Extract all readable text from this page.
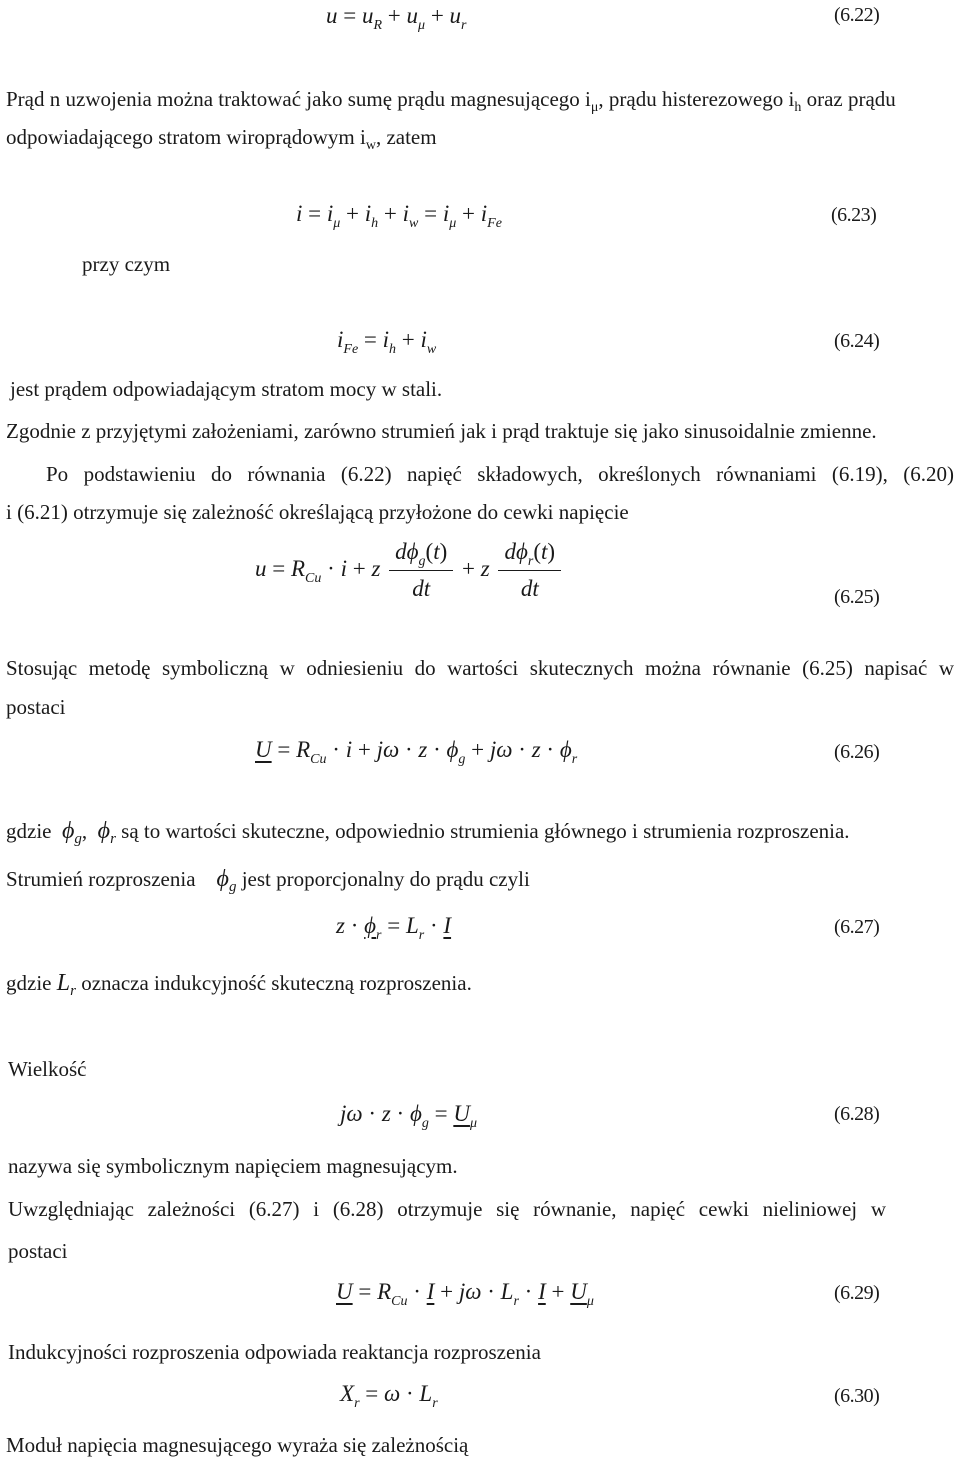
$u = u_R + u_\mu + u_r$	(6.22)
Prąd n uzwojenia można traktować jako sumę prądu magnesującego $i_\mu$, prądu histerezowego $i_h$ oraz prądu
odpowiadającego stratom wiroprądowym $i_w$, zatem
$i = i_\mu + i_h + i_w = i_\mu + i_{Fe}$	(6.23)
przy czym
$i_{Fe} = i_h + i_w$	(6.24)
jest prądem odpowiadającym stratom mocy w stali.
Zgodnie z przyjętymi założeniami, zarówno strumień jak i prąd traktuje się jako sinusoidalnie zmienne.
Po podstawieniu do równania (6.22) napięć składowych, określonych równaniami (6.19), (6.20)
i (6.21) otrzymuje się zależność określającą przyłożone do cewki napięcie
$u = R_{Cu} \cdot i + z \frac{d\phi_g(t)}{dt} + z \frac{d\phi_r(t)}{dt}$	(6.25)
Stosując metodę symboliczną w odniesieniu do wartości skutecznych można równanie (6.25) napisać w
postaci
$U = R_{Cu} \cdot i + j\omega \cdot z \cdot \phi_g + j\omega \cdot z \cdot \phi_r$	(6.26)
gdzie $\phi_g$,  $\phi_r$ są to wartości skuteczne, odpowiednio strumienia głównego i strumienia rozproszenia.
Strumień rozproszenia $\phi_g$ jest proporcjonalny do prądu czyli
$z \cdot \phi_r = L_r \cdot I$	(6.27)
gdzie $L_r$ oznacza indukcyjność skuteczną rozproszenia.
Wielkość
$j\omega \cdot z \cdot \phi_g = U_\mu$	(6.28)
nazywa się symbolicznym napięciem magnesującym.
Uwzględniając zależności (6.27) i (6.28) otrzymuje się równanie, napięć cewki nieliniowej w
postaci
$U = R_{Cu} \cdot I + j\omega \cdot L_r \cdot I + U_\mu$	(6.29)
Indukcyjności rozproszenia odpowiada reaktancja rozproszenia
$X_r = \omega \cdot L_r$	(6.30)
Moduł napięcia magnesującego wyraża się zależnością
